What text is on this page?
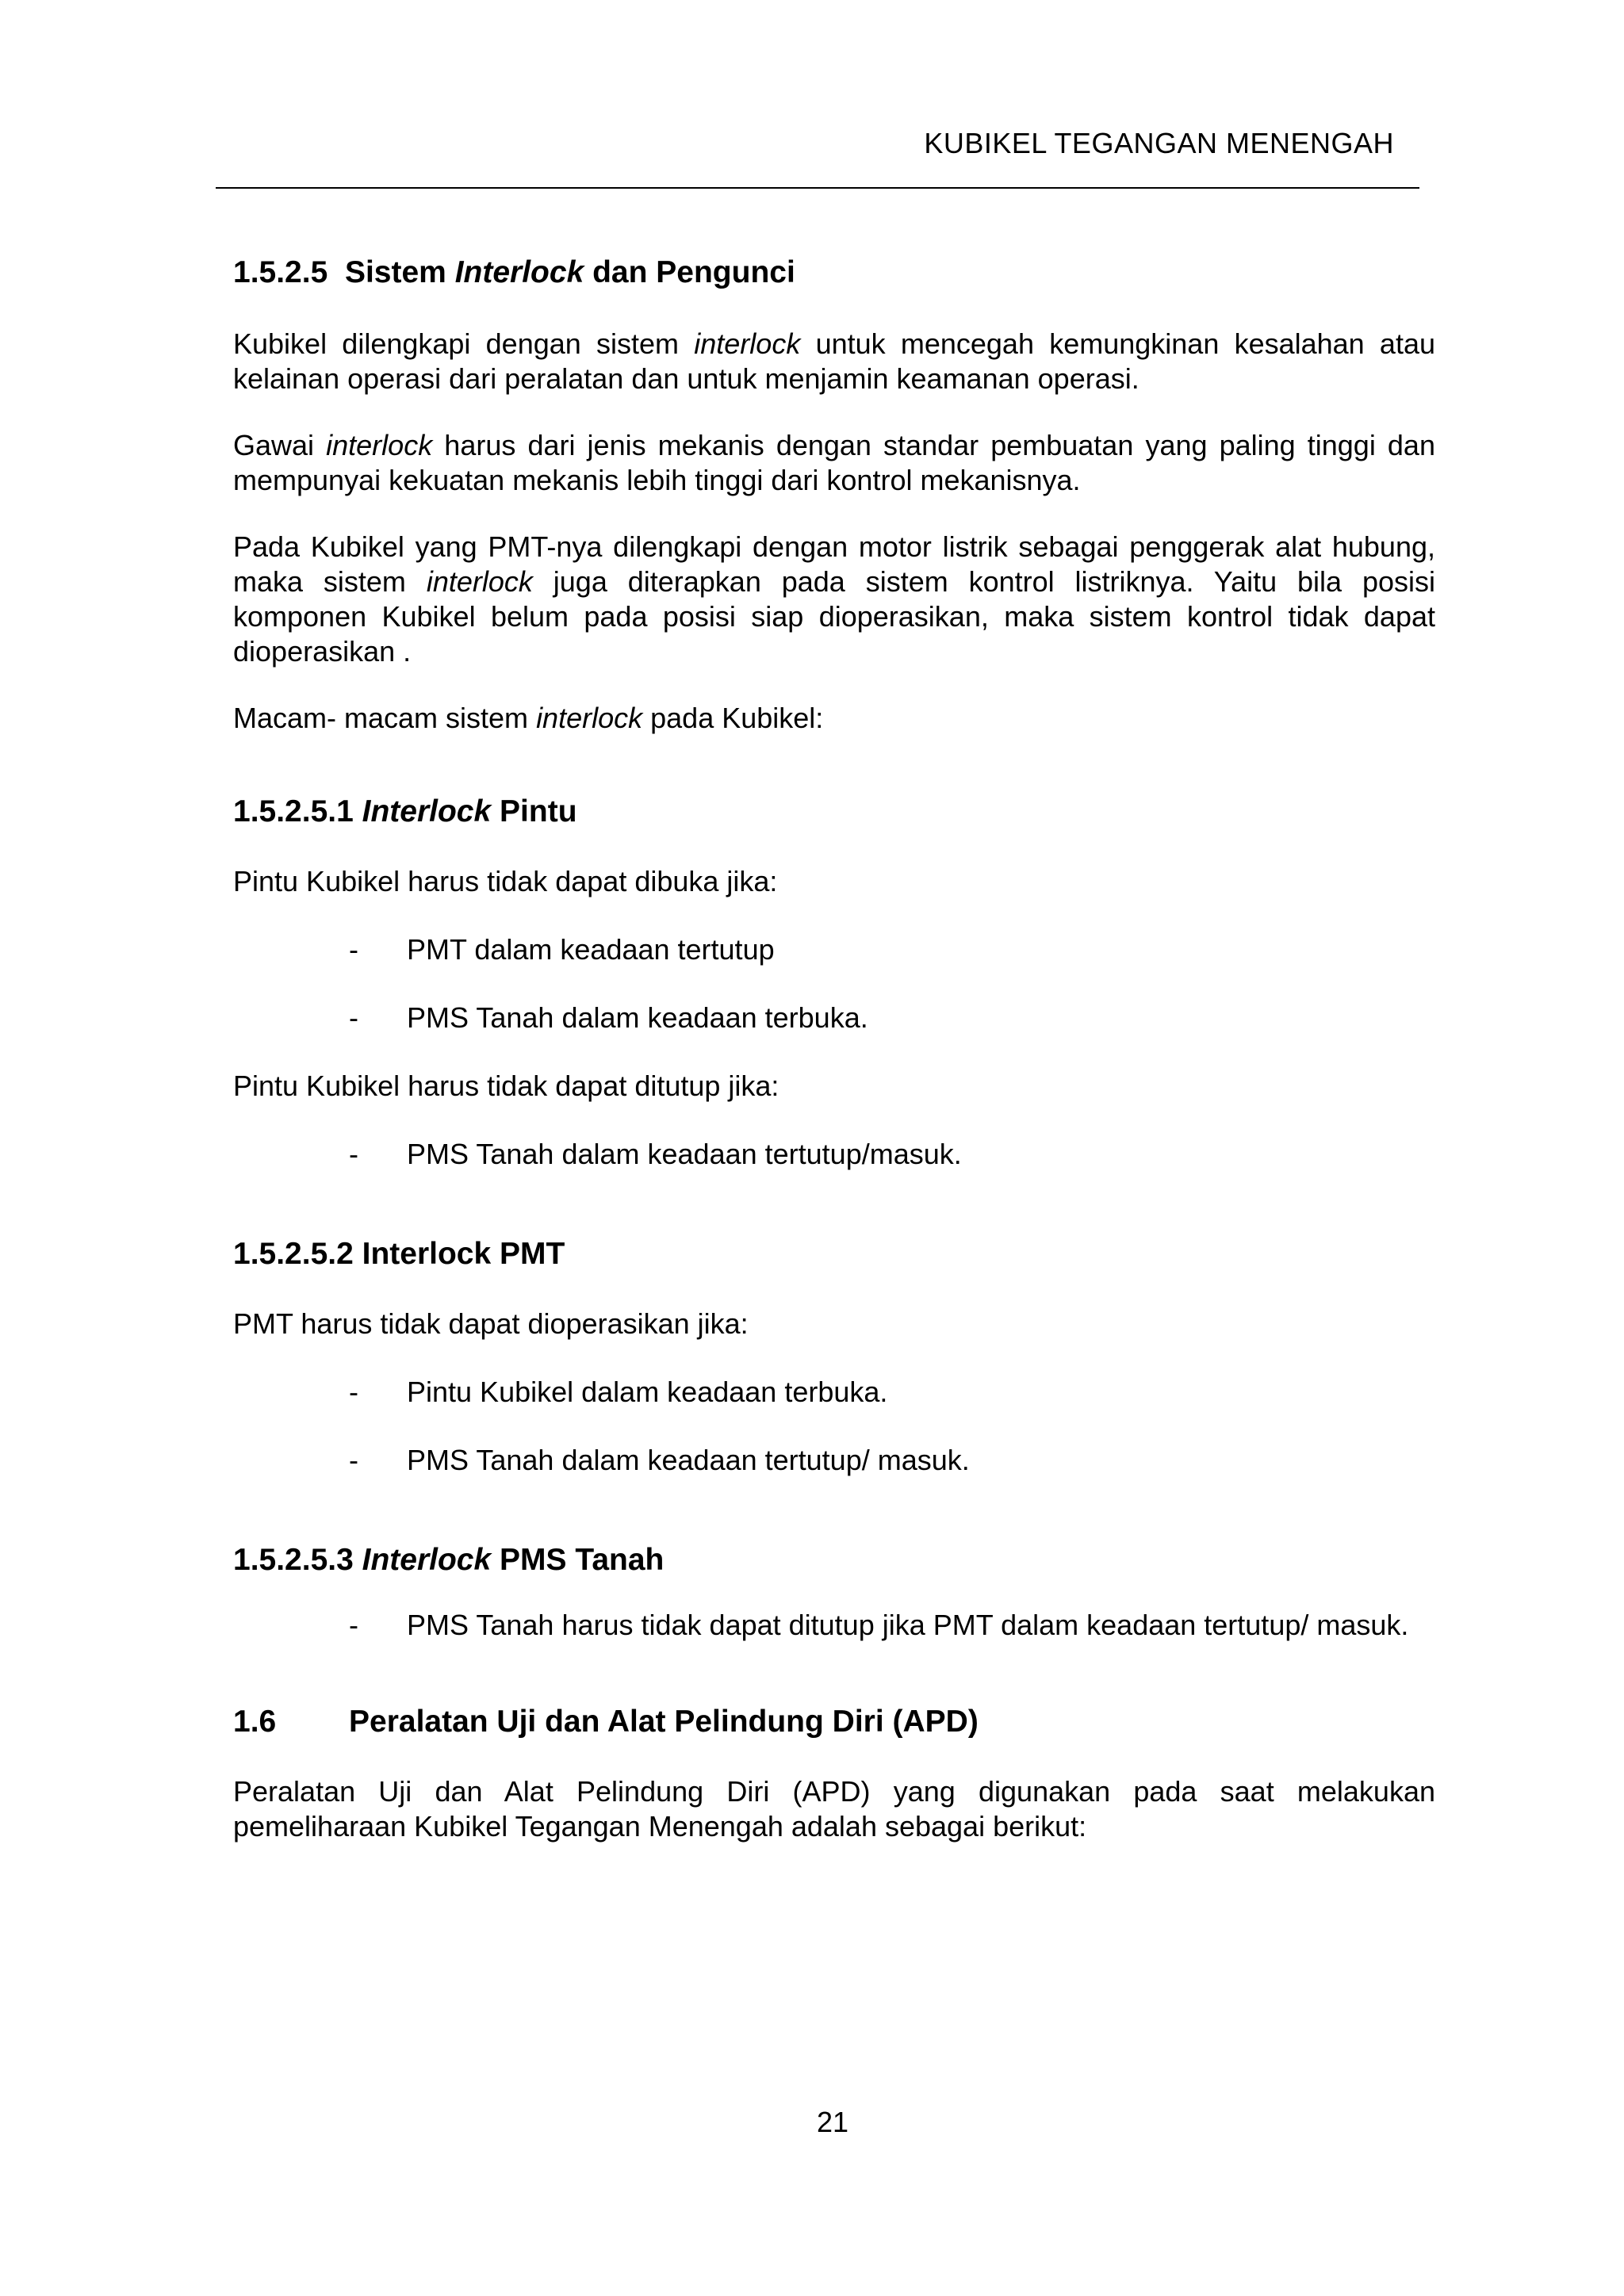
KUBIKEL TEGANGAN MENENGAH
1.5.2.5 Sistem Interlock dan Pengunci

Kubikel dilengkapi dengan sistem interlock untuk mencegah kemungkinan kesalahan atau kelainan operasi dari peralatan dan untuk menjamin keamanan operasi.

Gawai interlock harus dari jenis mekanis dengan standar pembuatan yang paling tinggi dan mempunyai kekuatan mekanis lebih tinggi dari kontrol mekanisnya.

Pada Kubikel yang PMT-nya dilengkapi dengan motor listrik sebagai penggerak alat hubung, maka sistem interlock juga diterapkan pada sistem kontrol listriknya. Yaitu bila posisi komponen Kubikel belum pada posisi siap dioperasikan, maka sistem kontrol tidak dapat dioperasikan .

Macam- macam sistem interlock pada Kubikel:

1.5.2.5.1 Interlock Pintu

Pintu Kubikel harus tidak dapat dibuka jika:

- PMT dalam keadaan tertutup

- PMS Tanah dalam keadaan terbuka.

Pintu Kubikel harus tidak dapat ditutup jika:

- PMS Tanah dalam keadaan tertutup/masuk.

1.5.2.5.2 Interlock PMT

PMT harus tidak dapat dioperasikan jika:

- Pintu Kubikel dalam keadaan terbuka.

- PMS Tanah dalam keadaan tertutup/ masuk.

1.5.2.5.3 Interlock PMS Tanah

- PMS Tanah harus tidak dapat ditutup jika PMT dalam keadaan tertutup/ masuk.

1.6 Peralatan Uji dan Alat Pelindung Diri (APD)

Peralatan Uji dan Alat Pelindung Diri (APD) yang digunakan pada saat melakukan pemeliharaan Kubikel Tegangan Menengah adalah sebagai berikut:

21
